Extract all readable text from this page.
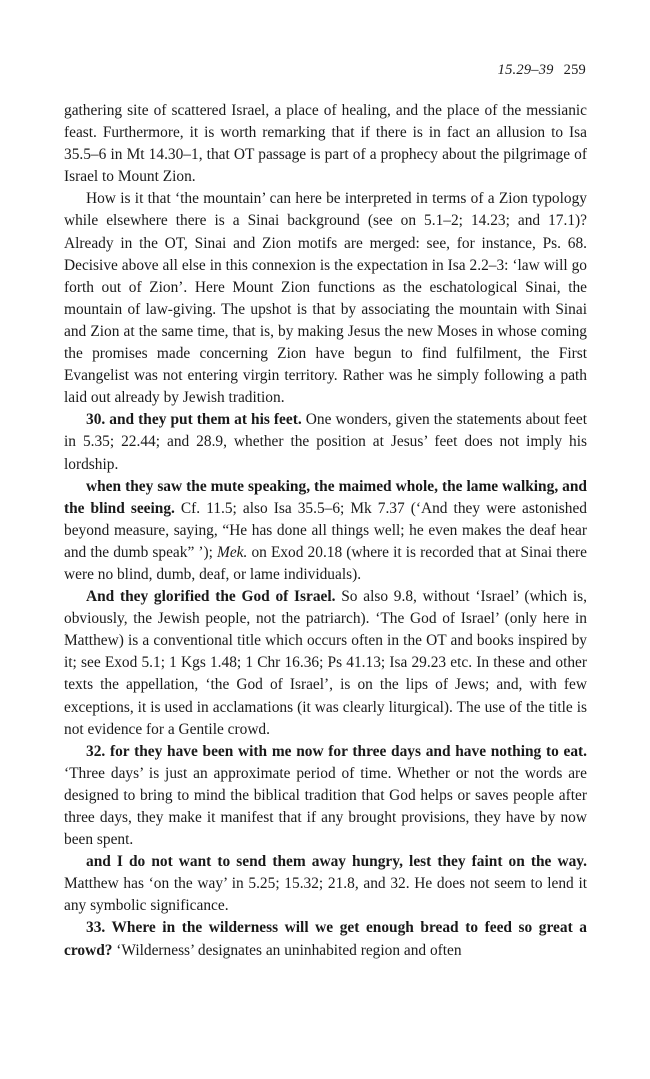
15.29–39 259

gathering site of scattered Israel, a place of healing, and the place of the messianic feast. Furthermore, it is worth remarking that if there is in fact an allusion to Isa 35.5–6 in Mt 14.30–1, that OT passage is part of a prophecy about the pilgrimage of Israel to Mount Zion.

How is it that ‘the mountain’ can here be interpreted in terms of a Zion typology while elsewhere there is a Sinai background (see on 5.1–2; 14.23; and 17.1)? Already in the OT, Sinai and Zion motifs are merged: see, for instance, Ps. 68. Decisive above all else in this connexion is the expectation in Isa 2.2–3: ‘law will go forth out of Zion’. Here Mount Zion functions as the eschatological Sinai, the mountain of law-giving. The upshot is that by associating the mountain with Sinai and Zion at the same time, that is, by making Jesus the new Moses in whose coming the promises made concerning Zion have begun to find fulfilment, the First Evangelist was not entering virgin territory. Rather was he simply following a path laid out already by Jewish tradition.

30. and they put them at his feet. One wonders, given the statements about feet in 5.35; 22.44; and 28.9, whether the position at Jesus’ feet does not imply his lordship.

when they saw the mute speaking, the maimed whole, the lame walking, and the blind seeing. Cf. 11.5; also Isa 35.5–6; Mk 7.37 (‘And they were astonished beyond measure, saying, “He has done all things well; he even makes the deaf hear and the dumb speak” ’); Mek. on Exod 20.18 (where it is recorded that at Sinai there were no blind, dumb, deaf, or lame individuals).

And they glorified the God of Israel. So also 9.8, without ‘Israel’ (which is, obviously, the Jewish people, not the patriarch). ‘The God of Israel’ (only here in Matthew) is a conventional title which occurs often in the OT and books inspired by it; see Exod 5.1; 1 Kgs 1.48; 1 Chr 16.36; Ps 41.13; Isa 29.23 etc. In these and other texts the appellation, ‘the God of Israel’, is on the lips of Jews; and, with few exceptions, it is used in acclamations (it was clearly liturgical). The use of the title is not evidence for a Gentile crowd.

32. for they have been with me now for three days and have nothing to eat. ‘Three days’ is just an approximate period of time. Whether or not the words are designed to bring to mind the biblical tradition that God helps or saves people after three days, they make it manifest that if any brought provisions, they have by now been spent.

and I do not want to send them away hungry, lest they faint on the way. Matthew has ‘on the way’ in 5.25; 15.32; 21.8, and 32. He does not seem to lend it any symbolic significance.

33. Where in the wilderness will we get enough bread to feed so great a crowd? ‘Wilderness’ designates an uninhabited region and often
